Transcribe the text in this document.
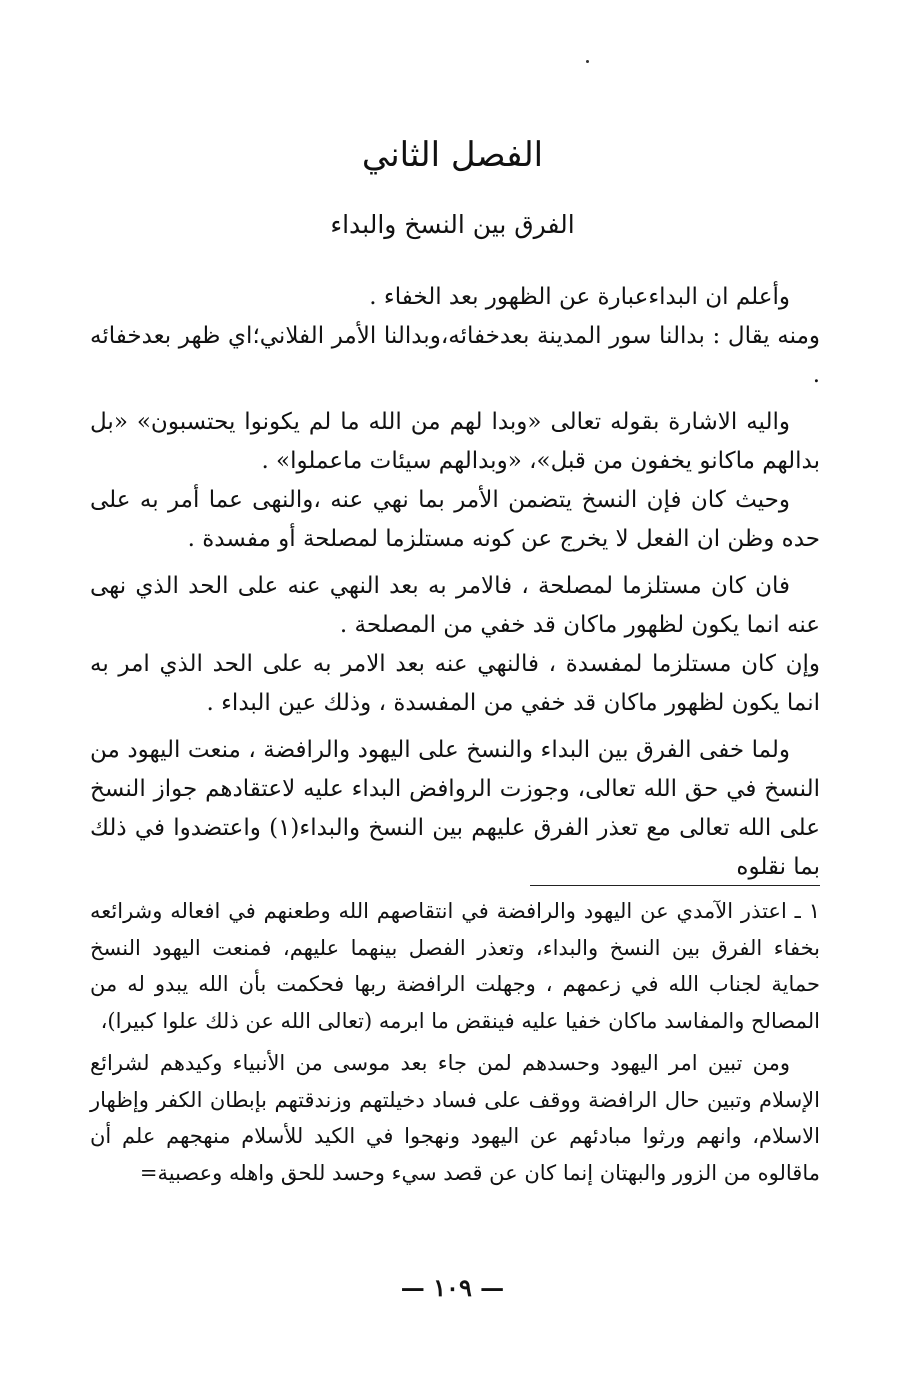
الفصل الثاني
الفرق بين النسخ والبداء

وأعلم ان البداءعبارة عن الظهور بعد الخفاء .

ومنه يقال : بدالنا سور المدينة بعدخفائه،وبدالنا الأمر الفلاني؛اي ظهر بعدخفائه .

واليه الاشارة بقوله تعالى «وبدا لهم من الله ما لم يكونوا يحتسبون» «بل بدالهم ماكانو يخفون من قبل»، «وبدالهم سيئات ماعملوا» .

وحيث كان فإن النسخ يتضمن الأمر بما نهي عنه ،والنهى عما أمر به على حده وظن ان الفعل لا يخرج عن كونه مستلزما لمصلحة أو مفسدة .

فان كان مستلزما لمصلحة ، فالامر به بعد النهي عنه على الحد الذي نهى عنه انما يكون لظهور ماكان قد خفي من المصلحة .

وإن كان مستلزما لمفسدة ، فالنهي عنه بعد الامر به على الحد الذي امر به انما يكون لظهور ماكان قد خفي من المفسدة ، وذلك عين البداء .

ولما خفى الفرق بين البداء والنسخ على اليهود والرافضة ، منعت اليهود من النسخ في حق الله تعالى، وجوزت الروافض البداء عليه لاعتقادهم جواز النسخ على الله تعالى مع تعذر الفرق عليهم بين النسخ والبداء(١) واعتضدوا في ذلك بما نقلوه

١ ـ اعتذر الآمدي عن اليهود والرافضة في انتقاصهم الله وطعنهم في افعاله وشرائعه بخفاء الفرق بين النسخ والبداء، وتعذر الفصل بينهما عليهم، فمنعت اليهود النسخ حماية لجناب الله في زعمهم ، وجهلت الرافضة ربها فحكمت بأن الله يبدو له من المصالح والمفاسد ماكان خفيا عليه فينقض ما ابرمه (تعالى الله عن ذلك علوا كبيرا)،

ومن تبين امر اليهود وحسدهم لمن جاء بعد موسى من الأنبياء وكيدهم لشرائع الإسلام وتبين حال الرافضة ووقف على فساد دخيلتهم وزندقتهم بإبطان الكفر وإظهار الاسلام، وانهم ورثوا مبادئهم عن اليهود ونهجوا في الكيد للأسلام منهجهم علم أن ماقالوه من الزور والبهتان إنما كان عن قصد سيء وحسد للحق واهله وعصبية=

— ١٠٩ —
